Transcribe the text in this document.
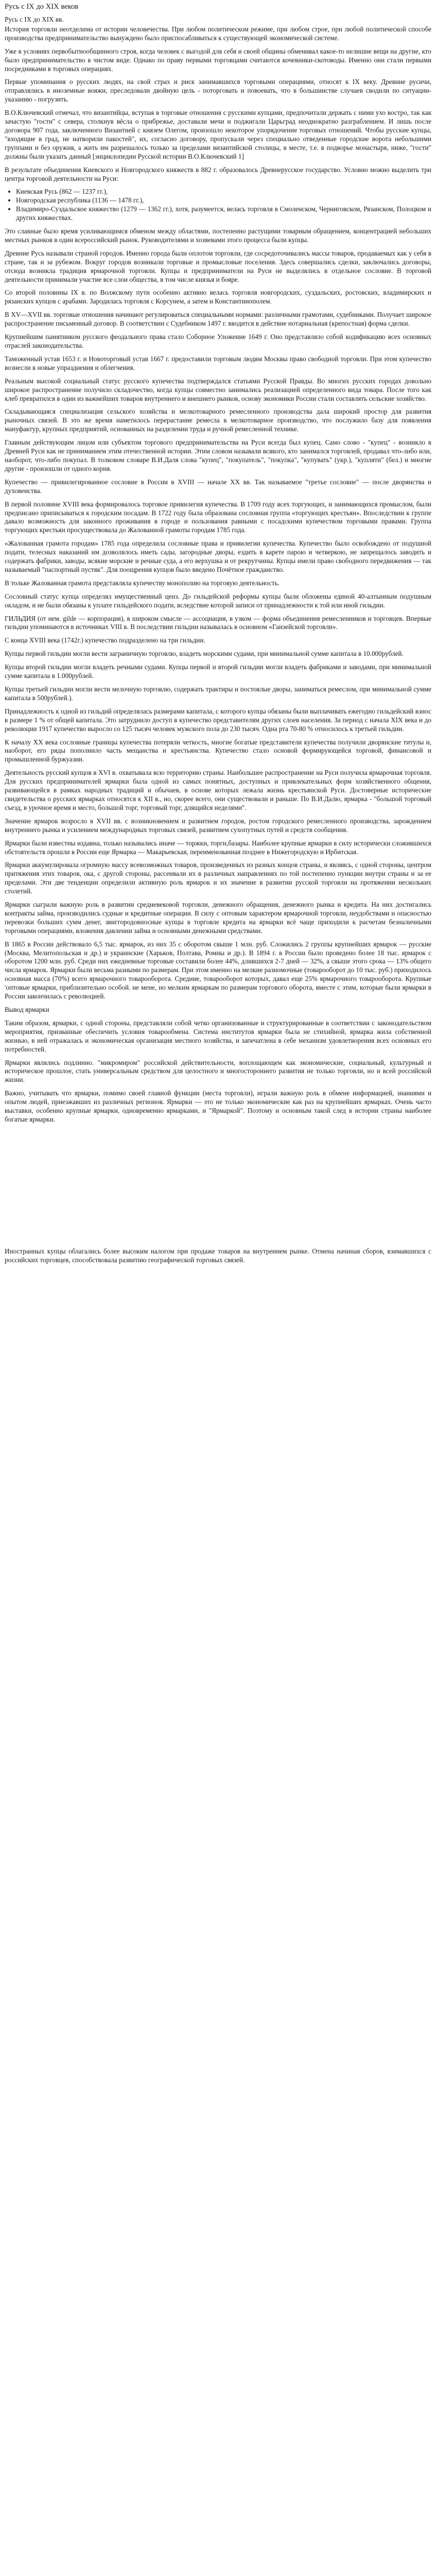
Русь с IX до XIX веков

Русь с IX до XIX вв.

История торговли неотделима от истории человечества. При любом политическом режиме, при любом строе, при любой политической способе производства предпринимательство вынуждено было приспосабливаться к существующей экономической системе.

Уже в условиях первобытнообщинного строя, когда человек с выгодой для себя и своей общины обменивал какое-то нелишне вещи на другие, кто было предпринимательство в чистом виде. Однако по праву первыми торговцами считаются кочевники-скотоводы. Именно они стали первыми посредниками в торговых операциях.

Первые упоминания о русских людях, на свой страх и риск занимавшихся торговыми операциями, относят к IX веку. Древние русичи, отправлялись в иноземные вояжи, преследовали двойную цель - поторговать и повоевать, что в большинстве случаев сводили по ситуации-указанию - погрузить.

В.О.Ключевский отмечал, что византийцы, вступая в торговые отношения с русскими купцами, предпочитали держать с ними ухо востро, так как зачастую "гости" с севера, столкнув вёсла о прибрежье, доставали мечи и поджигали Царьград неоднократно разграблением. И лишь после договора 907 года, заключенного Византией с князем Олегом, произошло некоторое упорядочение торговых отношений. Чтобы русские купцы, "входящие в град, не натворили пакостей", их, согласно договору, пропускали через специально отведенные городские ворота небольшими группами и без оружия, а жить им разрешалось только за пределами византийской столицы, в месте, т.е. в подворье монастыря, ниже, "гости" должны были указать данный [энциклопедии Русской истории В.О.Ключевский 1]

В результате объединения Киевского и Новгородского княжеств в 882 г. образовалось Древнерусское государство. Условно можно выделить три центра торговой деятельности на Руси:

• Киевская Русь (862 — 1237 гг.),
• Новгородская республика (1136 — 1478 гг.),
• Владимиро-Суздальское княжество (1279 — 1362 гг.), хотя, разумеется, велась торговля в Смоленском, Черниговском, Рязанском, Полоцком и других княжествах.

Это славные было время усиливающимся обменом между областями, постепенно растущими товарным обращением, концентрацией небольших местных рынков в один всероссийский рынок. Руководителями и хозяевами этого процесса были купцы.

Древние Русь называли страной городов. Именно города были оплотом торговли, где сосредоточивались массы товаров, продаваемых как у себя в стране, так и за рубежом. Вокруг городов возникали торговые и промысловые поселения. Здесь совершались сделки, заключались договоры, отсюда возникла традиция ярмарочной торговли. Купцы и предприниматели на Руси не выделялись в отдельное сословие. В торговой деятельности принимали участие все слои общества, в том числе князья и бояре.

Со второй половины IX в. по Волжскому пути особенно активно велась торговля новгородских, суздальских, ростовских, владимирских и рязанских купцов с арабами. Зародилась торговля с Корсунем, а затем и Константинополем.

В XV—XVII вв. торговые отношения начинают регулироваться специальными нормами: различными грамотами, судебниками. Получает широкое распространение письменный договор. В соответствии с Судебником 1497 г. вводится в действие нотариальная (крепостная) форма сделки.

Крупнейшим памятником русского феодального права стало Соборное Уложение 1649 г. Оно представляло собой кодификацию всех основных отраслей законодательства.

Таможенный устав 1653 г. и Новоторговый устав 1667 г. предоставили торговым людям Москвы право свободной торговли. При этом купечество вознесли в новые упразднения и облегчения.

Реальным высокой социальный статус русского купечества подтверждался статьями Русской Правды. Во многих русских городах довольно широкое распространение получило складочество, когда купцы совместно занимались реализацией определенного вида товара. После того как клеб превратился в один из важнейших товаров внутреннего и внешнего рынков, основу экономики России стали составлять сельские хозяйство.

Складывающаяся специализация сельского хозяйства и мелкотоварного ремесленного производства дала широкий простор для развития рыночных связей. В это же время наметилось перерастание ремесла в мелкотоварное производство, что послужило базу для появления мануфактур, крупных предприятий, основанных на разделении труда и ручной ремесленной технике.

Главным действующим лицом или субъектом торгового предпринимательства на Руси всегда был купец. Само слово - "купец" - возникло в Древней Руси как не приниманием этим отечественной истории. Этим словом называли всякого, кто занимался торговлей, продавал что-либо или, наоборот, что-либо покупал. В толковом словаре В.И.Даля слова "купец", "покупатель", "покупка", "купувать" (укр.), "купляти" (бел.) и многие другие - произошли от одного корня.

Купечество — привилегированное сословие в России в XVIII — начале XX вв. Так называемое "третье сословие" — после дворянства и духовенства.

В первой половине XVIII века формировалось торговое привилегия купечества. В 1709 году всех торгующих, и занимающихся промыслом, были предписано приписываться к городским посадам. В 1722 году была образована сословная группа «торгующих крестьян». Впоследствии к группе давало возможность для законного проживания в городе и пользования равными с посадскими купечеством торговыми правами. Группа торгующих крестьян просуществовала до Жалованной грамоты городам 1785 года.

«Жалованная грамота городам» 1785 года определила сословные права и привилегии купечества. Купечество было освобождено от подушной подати, телесных наказаний им дозволялось иметь сады, загородные дворы, ездить в карете парою и четверкою, не запрещалось заводить и содержать фабрики, заводы, всякие морские и речные суда, а его верхушка и от рекрутчины. Купцы имели право свободного передвижения — так называемый "паспортный пустяк". Для поощрения купцов было введено Почётное гражданство.

В тольке Жалованная грамота представляла купечеству монополию на торговую деятельность.

Сословный статус купца определял имущественный ценз. До гильдейской реформы купцы были обложены единой 40-алтынным подушным окладом, и не были обязаны к уплате гильдейского подати, вследствие которой записи от принадлежности к той или иной гильдии.

ГИЛЬДИЯ (от нем. gilde — корпорация), в широком смысле — ассоциация, в узком — форма объединения ремесленников и торговцев. Впервые гильдии упоминаются в источниках VIII в. В последствии гильдии называлась в основном «Ганзейской торговли».

С конца XVIII века (1742г.) купечество подразделено на три гильдии.

Купцы первой гильдии могли вести заграничную торговлю, владеть морскими судами, при минимальной сумме капитала в 10.000рублей.

Купцы второй гильдии могли владеть речными судами. Купцы первой и второй гильдии могли владеть фабриками и заводами, при минимальной сумме капитала в 1.000рублей.

Купцы третьей гильдии могли вести мелочную торговлю, содержать трактиры и постоялые дворы, заниматься ремеслом, при минимальной сумме капитала в 500рублей.).

Принадлежность к одной из гильдий определялась размерами капитала, с которого купцы обязаны были выплачивать ежегодно гильдейский взнос в размере 1 % от общей капитала. Это затруднило доступ в купечество представителям других слоев населения. За период с начала XIX века и до революции 1917 купечество выросло со 125 тысяч человек мужского пола до 230 тысяч. Одна рта 70-80 % относилось к третьей гильдии.

К началу XX века сословные границы купечества потеряли четкость, многие богатые представители купечества получили дворянские титулы и, наоборот, его ряды пополнило часть мещанства и крестьянства. Купечество стало основой формирующейся торговой, финансовой и промышленной буржуазии.

Деятельность русский купцов в XVI в. охватывала всю территорию страны. Наибольшее распространение на Руси получила ярмарочная торговля. Для русских предпринимателей ярмарки была одной из самых понятных, доступных и привлекательных форм хозяйственного общения, развивающейся в рамках народных традиций и обычаев, в основе которых лежала жизнь крестьянской Руси. Достоверные исторические свидетельства о русских ярмарках относятся к XII в., но, скорее всего, они существовали и раньше. По В.И.Далю, ярмарка - "большой торговый съезд, в урочное время и место, большой торг, торговый торг, длящийся неделями".

Значение ярмарок возросло в XVII вв. с возникновением и развитием городов, ростом городского ремесленного производства, зарождением внутреннего рынка и усилением международных торговых связей, развитием сухопутных путей и средств сообщения.

Ярмарки были известны издавна, только назывались иначе — торжки, торги,базары. Наиболее крупные ярмарки в силу исторически сложившихся обстоятельств прошли в России еще Ярмарка — Макарьевская, переименованная позднее в Нижегородскую и Ирбитская.

Ярмарки аккумулировала огромную массу всевозможных товаров, произведенных из разных концов страны, и являясь, с одной стороны, центром притяжения этих товаров, ока, с другой стороны, рассеивали их в различных направлениях по той постепенно пункции внутри страны и за ее пределами. Эти две тенденции определили активную роль ярмарок и их значение в развитии русской торговли на протяжении нескольких столетий.

Ярмарки сыграли важную роль в развитии средневековой торговли, денежного обращения, денежного рынка и кредита. На них достигались контракты займа, производились судные и кредитные операции. В силу с оптовым характером ярмарочной торговли, неудобствами и опасностью перевозки больших сумм денег, звиггородовносные купцы в торговле кредита на ярмарки всё чаще приходили к расчетам безналичными торговыми операциями, вложения давлении займа и основными денежными средствами.

В 1865 в России действовало 6,5 тыс. ярмарок, из них 35 с оборотом свыше 1 млн. руб. Сложились 2 группы крупнейших ярмарок — русские (Москва, Мелитопольская и др.) и украинские (Харьков, Полтава, Ромны и др.). В 1894 г. в России было проведено более 18 тыс. ярмарок с оборотом 1200 млн. руб. Среди них ежедневные торговые составили более 44%, длившихся 2-7 дней — 32%, а свыше этого срока — 13% общего числа ярмарок. Ярмарки были весьма разными по размерам. При этом именно на мелкие разномочные (товарооборот до 10 тыс. руб.) приходилось основная масса (70%) всего ярмарочного товарооборота. Средние, товарооборот которых, давал еще 25% ярмарочного товарооборота. Крупные 'оптовые ярмарки, приблизительно особой. не мене, но мелким ярмаркам по размерам торгового оборота, вместе с этим, которые были ярмарки в России закончилась с революцией.

Вывод ярмарки

Таким образом, ярмарки, с одной стороны, представляли собой четко организованные и структурированные в соответствии с законодательством мероприятия, призванные обеспечить условия товарообмена. Система институтов ярмарки была не стихийной, ярмарка жила собственной жизнью, в ней отражалась и экономическая организация местного хозяйства, и запечатлена в себе механизм удовлетворения всех основных его потребностей.

Ярмарки являлись подлинно. "микромиром" российской действительности, воплощающем как экономические, социальный, культурный и историческое прошлое, стать универсальным средством для целостного и многостороннего развития не только торговли, но и всей российской жизни.

Важно, учитывать что ярмарки, помимо своей главной функции (места торговли), играли важную роль в обмене информацией, знаниями и опытом людей, приезжавших из различных регионов. Ярмарки — это не только экономические как раз на крупнейших ярмарках. Очень часто выставки, особенно крупные ярмарки, одновременно ярмарками, и "Ярмаркой". Поэтому и основным такой след в истории страны наиболее богатые ярмарки.

Иностранных купцы облагались более высоким налогом при продаже товаров на внутреннем рынке. Отмена начиная сборов, взимавшихся с российских торговцев, способствовала развитию географической торговых связей.
